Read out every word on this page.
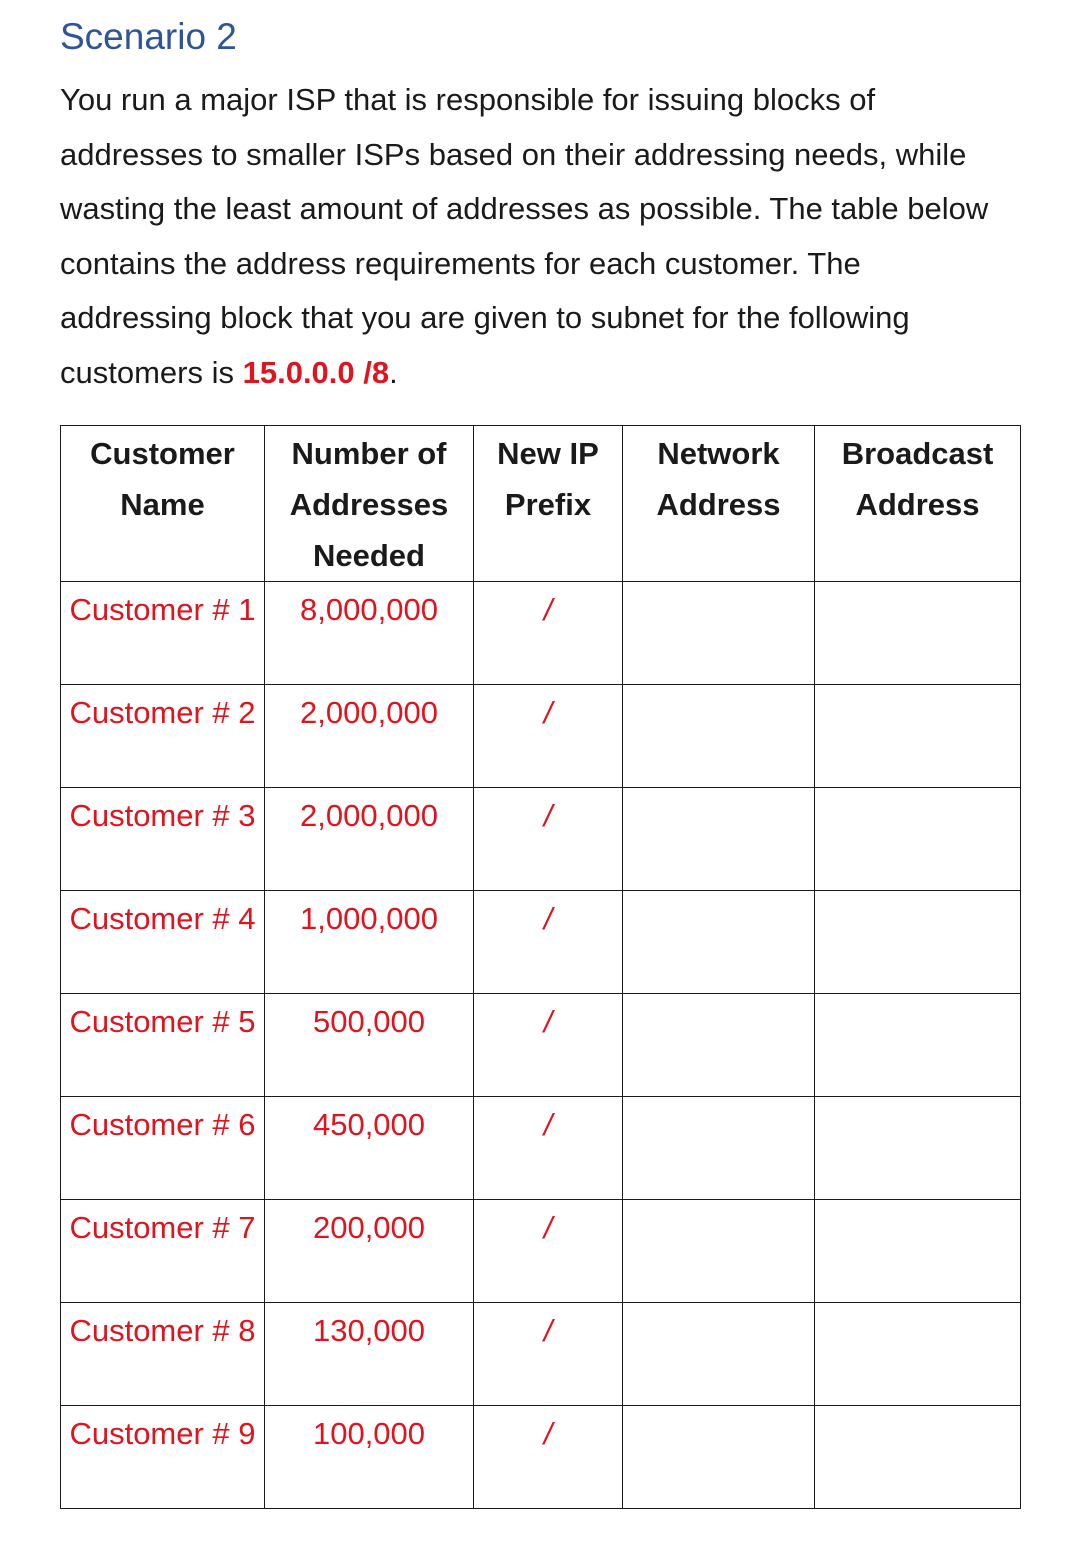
Scenario 2

You run a major ISP that is responsible for issuing blocks of addresses to smaller ISPs based on their addressing needs, while wasting the least amount of addresses as possible. The table below contains the address requirements for each customer. The addressing block that you are given to subnet for the following customers is 15.0.0.0 /8.

Customer Name	Number of Addresses Needed	New IP Prefix	Network Address	Broadcast Address
Customer # 1	8,000,000	/		
Customer # 2	2,000,000	/		
Customer # 3	2,000,000	/		
Customer # 4	1,000,000	/		
Customer # 5	500,000	/		
Customer # 6	450,000	/		
Customer # 7	200,000	/		
Customer # 8	130,000	/		
Customer # 9	100,000	/		
